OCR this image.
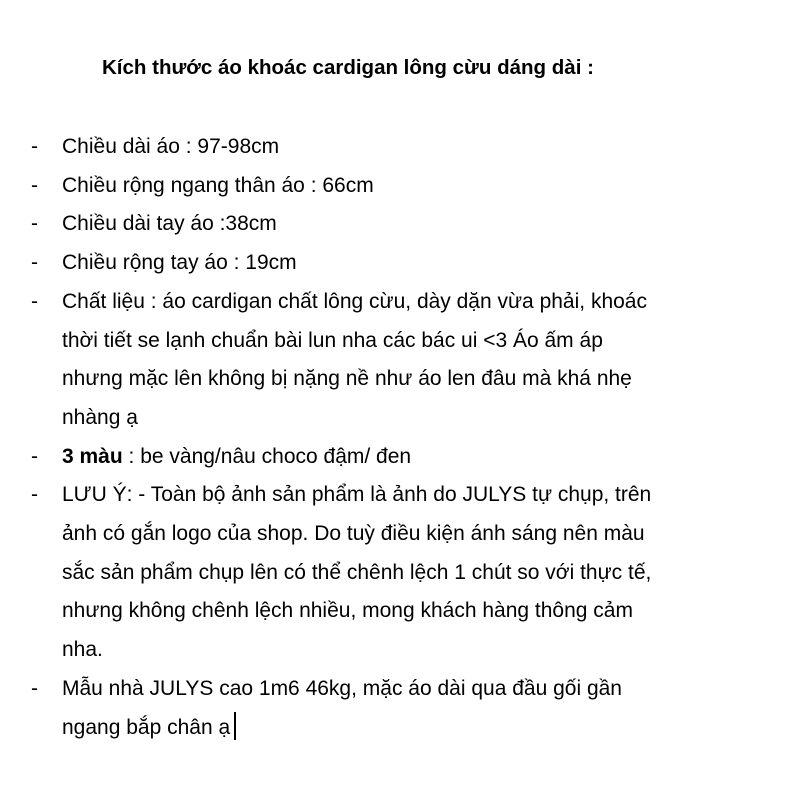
Kích thước áo khoác cardigan lông cừu dáng dài :
- Chiều dài áo : 97-98cm
- Chiều rộng ngang thân áo : 66cm
- Chiều dài tay áo :38cm
- Chiều rộng tay áo : 19cm
- Chất liệu : áo cardigan chất lông cừu, dày dặn vừa phải, khoác
thời tiết se lạnh chuẩn bài lun nha các bác ui <3 Áo ấm áp
nhưng mặc lên không bị nặng nề như áo len đâu mà khá nhẹ
nhàng ạ
- 3 màu : be vàng/nâu choco đậm/ đen
- LƯU Ý: - Toàn bộ ảnh sản phẩm là ảnh do JULYS tự chụp, trên
ảnh có gắn logo của shop. Do tuỳ điều kiện ánh sáng nên màu
sắc sản phẩm chụp lên có thể chênh lệch 1 chút so với thực tế,
nhưng không chênh lệch nhiều, mong khách hàng thông cảm
nha.
- Mẫu nhà JULYS cao 1m6 46kg, mặc áo dài qua đầu gối gần
ngang bắp chân ạ
